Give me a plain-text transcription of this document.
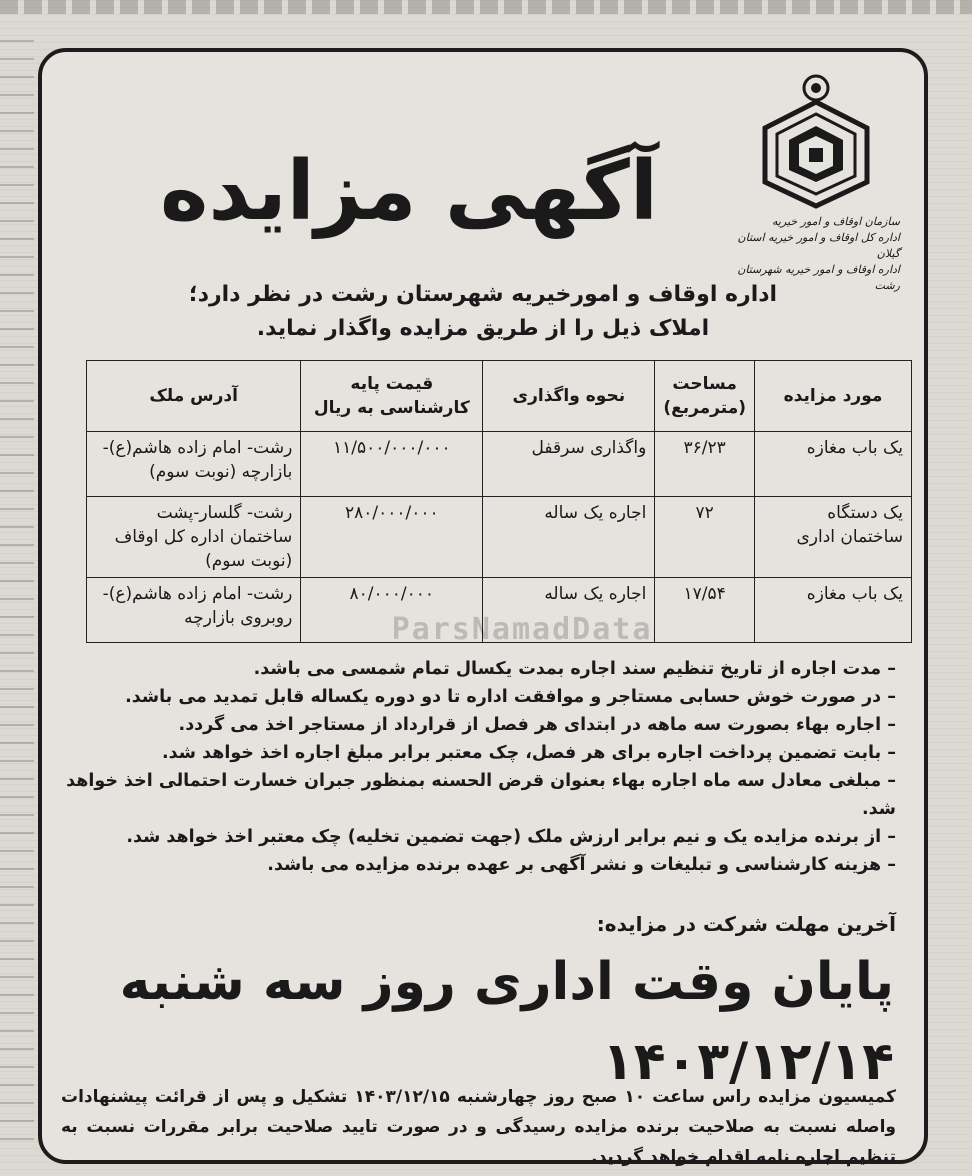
سازمان اوقاف و امور خیریه
اداره کل اوقاف و امور خیریه استان گیلان
اداره اوقاف و امور خیریه شهرستان رشت
آگهی مزایده
اداره اوقاف و امورخیریه شهرستان رشت در نظر دارد؛
املاک ذیل را از طریق مزایده واگذار نماید.
مورد مزایده	مساحت (مترمربع)	نحوه واگذاری	قیمت پایه کارشناسی به ریال	آدرس ملک
یک باب مغازه	۳۶/۲۳	واگذاری سرقفل	۱۱/۵۰۰/۰۰۰/۰۰۰	رشت- امام زاده هاشم(ع)-بازارچه (نوبت سوم)
یک دستگاه ساختمان اداری	۷۲	اجاره یک ساله	۲۸۰/۰۰۰/۰۰۰	رشت- گلسار-پشت ساختمان اداره کل اوقاف (نوبت سوم)
یک باب مغازه	۱۷/۵۴	اجاره یک ساله	۸۰/۰۰۰/۰۰۰	رشت- امام زاده هاشم(ع)-روبروی بازارچه	ParsNamadData
– مدت اجاره از تاریخ تنظیم سند اجاره بمدت یکسال تمام شمسی می باشد.
– در صورت خوش حسابی مستاجر و موافقت اداره تا دو دوره یکساله قابل تمدید می باشد.
– اجاره بهاء بصورت سه ماهه در ابتدای هر فصل از قرارداد از مستاجر اخذ می گردد.
– بابت تضمین پرداخت اجاره برای هر فصل، چک معتبر برابر مبلغ اجاره اخذ خواهد شد.
– مبلغی معادل سه ماه اجاره بهاء بعنوان قرض الحسنه بمنظور جبران خسارت احتمالی اخذ خواهد شد.
– از برنده مزایده یک و نیم برابر ارزش ملک (جهت تضمین تخلیه) چک معتبر اخذ خواهد شد.
– هزینه کارشناسی و تبلیغات و نشر آگهی بر عهده برنده مزایده می باشد.
آخرین مهلت شرکت در مزایده:
پایان وقت اداری روز سه شنبه ۱۴۰۳/۱۲/۱۴
کمیسیون مزایده راس ساعت ۱۰ صبح روز چهارشنبه ۱۴۰۳/۱۲/۱۵ تشکیل و پس از قرائت پیشنهادات واصله نسبت به صلاحیت برنده مزایده رسیدگی و در صورت تایید صلاحیت برابر مقررات نسبت به تنظیم اجاره نامه اقدام خواهد گردید.
